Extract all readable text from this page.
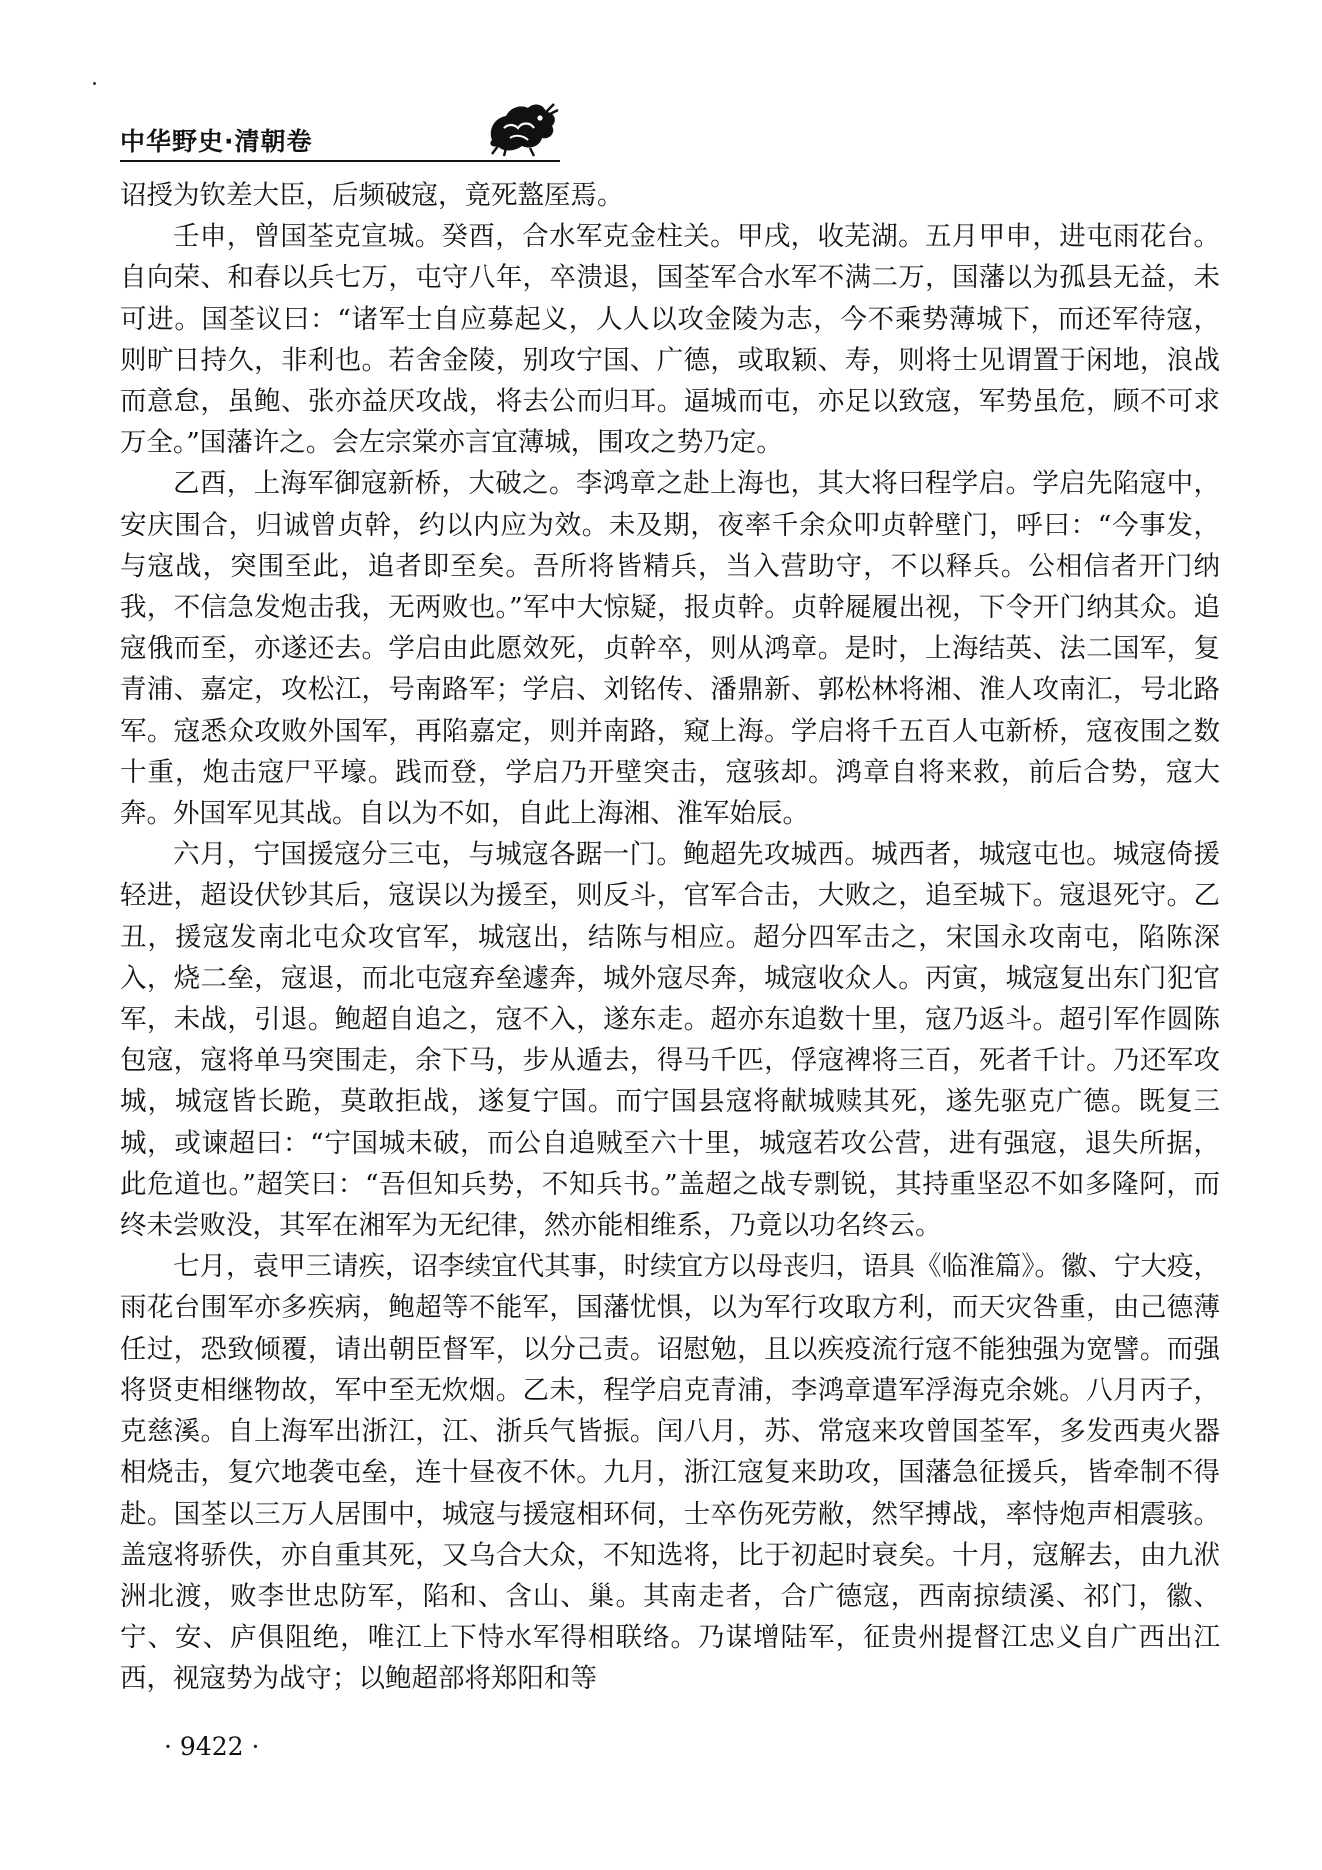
中华野史·清朝卷

诏授为钦差大臣，后频破寇，竟死盩厔焉。

壬申，曾国荃克宣城。癸酉，合水军克金柱关。甲戌，收芜湖。五月甲申，进屯雨花台。自向荣、和春以兵七万，屯守八年，卒溃退，国荃军合水军不满二万，国藩以为孤县无益，未可进。国荃议曰：“诸军士自应募起义，人人以攻金陵为志，今不乘势薄城下，而还军待寇，则旷日持久，非利也。若舍金陵，别攻宁国、广德，或取颖、寿，则将士见谓置于闲地，浪战而意怠，虽鲍、张亦益厌攻战，将去公而归耳。逼城而屯，亦足以致寇，军势虽危，顾不可求万全。”国藩许之。会左宗棠亦言宜薄城，围攻之势乃定。

乙酉，上海军御寇新桥，大破之。李鸿章之赴上海也，其大将曰程学启。学启先陷寇中，安庆围合，归诚曾贞幹，约以内应为效。未及期，夜率千余众叩贞幹壁门，呼曰：“今事发，与寇战，突围至此，追者即至矣。吾所将皆精兵，当入营助守，不以释兵。公相信者开门纳我，不信急发炮击我，无两败也。”军中大惊疑，报贞幹。贞幹屣履出视，下令开门纳其众。追寇俄而至，亦遂还去。学启由此愿效死，贞幹卒，则从鸿章。是时，上海结英、法二国军，复青浦、嘉定，攻松江，号南路军；学启、刘铭传、潘鼎新、郭松林将湘、淮人攻南汇，号北路军。寇悉众攻败外国军，再陷嘉定，则并南路，窥上海。学启将千五百人屯新桥，寇夜围之数十重，炮击寇尸平壕。践而登，学启乃开壁突击，寇骇却。鸿章自将来救，前后合势，寇大奔。外国军见其战。自以为不如，自此上海湘、淮军始辰。

六月，宁国援寇分三屯，与城寇各踞一门。鲍超先攻城西。城西者，城寇屯也。城寇倚援轻进，超设伏钞其后，寇误以为援至，则反斗，官军合击，大败之，追至城下。寇退死守。乙丑，援寇发南北屯众攻官军，城寇出，结陈与相应。超分四军击之，宋国永攻南屯，陷陈深入，烧二垒，寇退，而北屯寇弃垒遽奔，城外寇尽奔，城寇收众人。丙寅，城寇复出东门犯官军，未战，引退。鲍超自追之，寇不入，遂东走。超亦东追数十里，寇乃返斗。超引军作圆陈包寇，寇将单马突围走，余下马，步从遁去，得马千匹，俘寇裨将三百，死者千计。乃还军攻城，城寇皆长跪，莫敢拒战，遂复宁国。而宁国县寇将献城赎其死，遂先驱克广德。既复三城，或谏超曰：“宁国城未破，而公自追贼至六十里，城寇若攻公营，进有强寇，退失所据，此危道也。”超笑曰：“吾但知兵势，不知兵书。”盖超之战专剽锐，其持重坚忍不如多隆阿，而终未尝败没，其军在湘军为无纪律，然亦能相维系，乃竟以功名终云。

七月，袁甲三请疾，诏李续宜代其事，时续宜方以母丧归，语具《临淮篇》。徽、宁大疫，雨花台围军亦多疾病，鲍超等不能军，国藩忧惧，以为军行攻取方利，而天灾咎重，由己德薄任过，恐致倾覆，请出朝臣督军，以分己责。诏慰勉，且以疾疫流行寇不能独强为宽譬。而强将贤吏相继物故，军中至无炊烟。乙未，程学启克青浦，李鸿章遣军浮海克余姚。八月丙子，克慈溪。自上海军出浙江，江、浙兵气皆振。闰八月，苏、常寇来攻曾国荃军，多发西夷火器相烧击，复穴地袭屯垒，连十昼夜不休。九月，浙江寇复来助攻，国藩急征援兵，皆牵制不得赴。国荃以三万人居围中，城寇与援寇相环伺，士卒伤死劳敝，然罕搏战，率恃炮声相震骇。盖寇将骄佚，亦自重其死，又乌合大众，不知选将，比于初起时衰矣。十月，寇解去，由九洑洲北渡，败李世忠防军，陷和、含山、巢。其南走者，合广德寇，西南掠绩溪、祁门，徽、宁、安、庐俱阻绝，唯江上下恃水军得相联络。乃谋增陆军，征贵州提督江忠义自广西出江西，视寇势为战守；以鲍超部将郑阳和等

· 9422 ·
